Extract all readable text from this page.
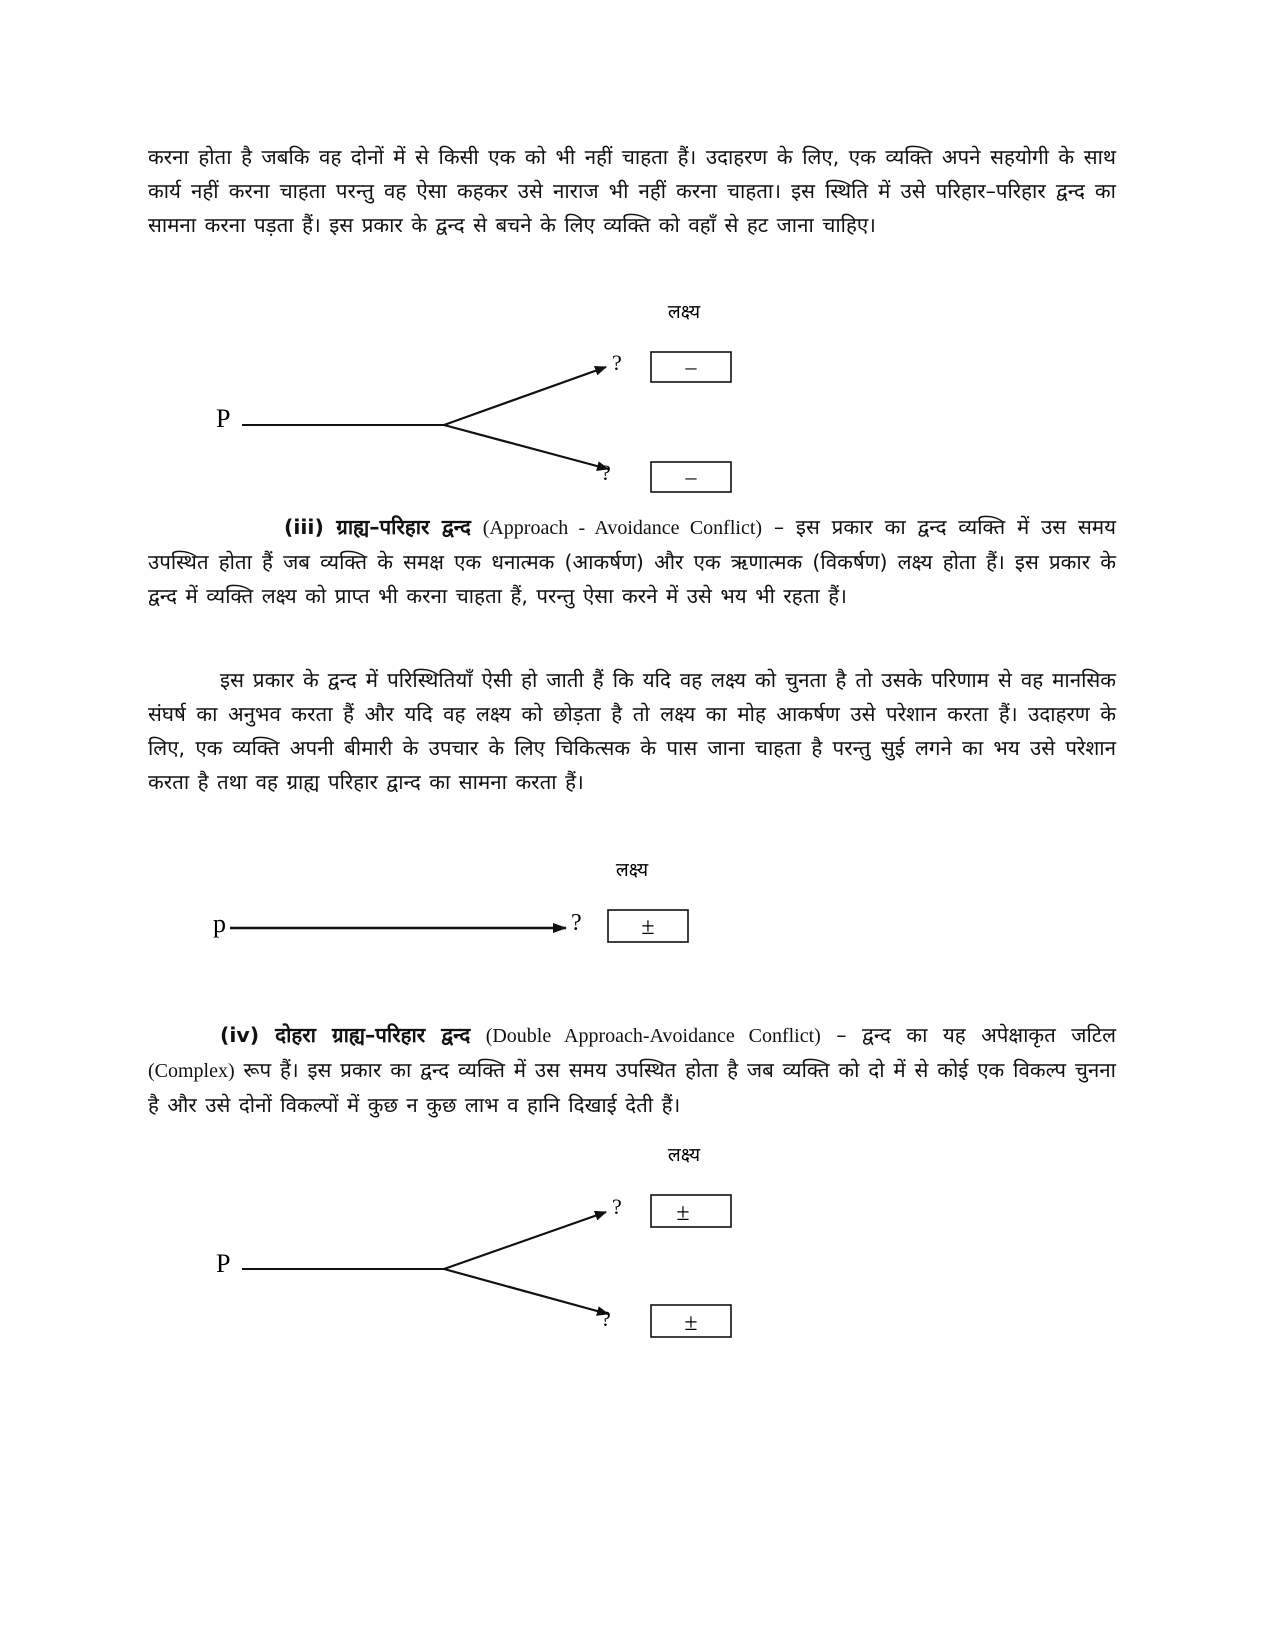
करना होता है जबकि वह दोनों में से किसी एक को भी नहीं चाहता हैं। उदाहरण के लिए, एक व्यक्ति अपने सहयोगी के साथ कार्य नहीं करना चाहता परन्तु वह ऐसा कहकर उसे नाराज भी नहीं करना चाहता। इस स्थिति में उसे परिहार–परिहार द्वन्द का सामना करना पड़ता हैं। इस प्रकार के द्वन्द से बचने के लिए व्यक्ति को वहाँ से हट जाना चाहिए।
लक्ष्य
P
?
?
–
–
(iii) ग्राह्य–परिहार द्वन्द (Approach - Avoidance Conflict) – इस प्रकार का द्वन्द व्यक्ति में उस समय उपस्थित होता हैं जब व्यक्ति के समक्ष एक धनात्मक (आकर्षण) और एक ऋणात्मक (विकर्षण) लक्ष्य होता हैं। इस प्रकार के द्वन्द में व्यक्ति लक्ष्य को प्राप्त भी करना चाहता हैं, परन्तु ऐसा करने में उसे भय भी रहता हैं।
इस प्रकार के द्वन्द में परिस्थितियाँ ऐसी हो जाती हैं कि यदि वह लक्ष्य को चुनता है तो उसके परिणाम से वह मानसिक संघर्ष का अनुभव करता हैं और यदि वह लक्ष्य को छोड़ता है तो लक्ष्य का मोह आकर्षण उसे परेशान करता हैं। उदाहरण के लिए, एक व्यक्ति अपनी बीमारी के उपचार के लिए चिकित्सक के पास जाना चाहता है परन्तु सुई लगने का भय उसे परेशान करता है तथा वह ग्राह्य परिहार द्वान्द का सामना करता हैं।
लक्ष्य
p	? ±
(iv) दोहरा ग्राह्य–परिहार द्वन्द (Double Approach-Avoidance Conflict) – द्वन्द का यह अपेक्षाकृत जटिल (Complex) रूप हैं। इस प्रकार का द्वन्द व्यक्ति में उस समय उपस्थित होता है जब व्यक्ति को दो में से कोई एक विकल्प चुनना है और उसे दोनों विकल्पों में कुछ न कुछ लाभ व हानि दिखाई देती हैं।
लक्ष्य
P
?
?
±
±
